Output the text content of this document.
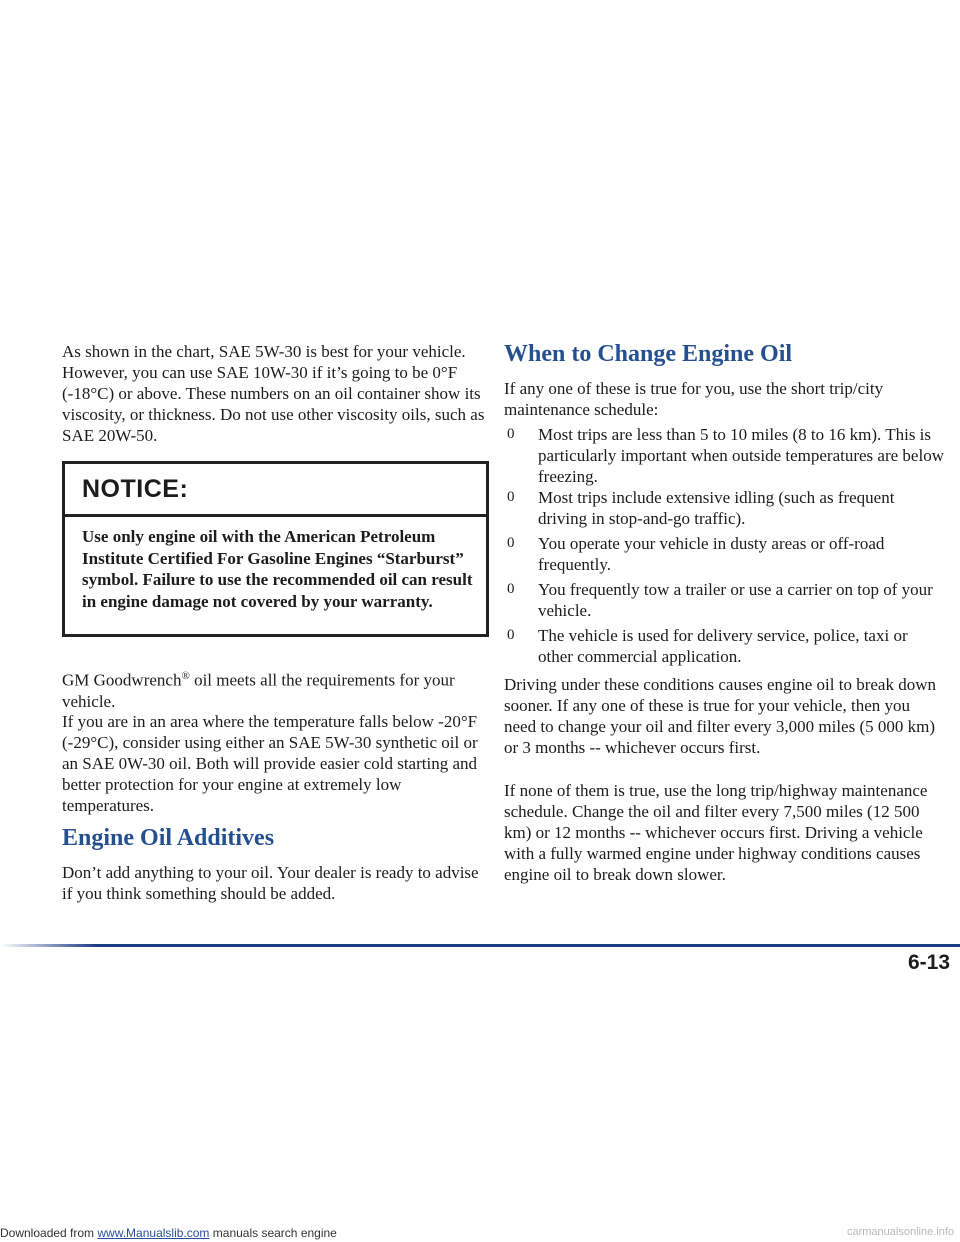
As shown in the chart, SAE 5W-30 is best for your vehicle. However, you can use SAE 10W-30 if it’s going to be 0°F (-18°C) or above. These numbers on an oil container show its viscosity, or thickness. Do not use other viscosity oils, such as SAE 20W-50.

NOTICE:
Use only engine oil with the American Petroleum Institute Certified For Gasoline Engines “Starburst” symbol. Failure to use the recommended oil can result in engine damage not covered by your warranty.

GM Goodwrench® oil meets all the requirements for your vehicle.

If you are in an area where the temperature falls below -20°F (-29°C), consider using either an SAE 5W-30 synthetic oil or an SAE 0W-30 oil. Both will provide easier cold starting and better protection for your engine at extremely low temperatures.

Engine Oil Additives

Don’t add anything to your oil. Your dealer is ready to advise if you think something should be added.

When to Change Engine Oil

If any one of these is true for you, use the short trip/city maintenance schedule:

0 Most trips are less than 5 to 10 miles (8 to 16 km). This is particularly important when outside temperatures are below freezing.

0 Most trips include extensive idling (such as frequent driving in stop-and-go traffic).

0 You operate your vehicle in dusty areas or off-road frequently.

0 You frequently tow a trailer or use a carrier on top of your vehicle.

0 The vehicle is used for delivery service, police, taxi or other commercial application.

Driving under these conditions causes engine oil to break down sooner. If any one of these is true for your vehicle, then you need to change your oil and filter every 3,000 miles (5 000 km) or 3 months -- whichever occurs first.

If none of them is true, use the long trip/highway maintenance schedule. Change the oil and filter every 7,500 miles (12 500 km) or 12 months -- whichever occurs first. Driving a vehicle with a fully warmed engine under highway conditions causes engine oil to break down slower.

6-13
Downloaded from www.Manualslib.com manuals search engine	carmanualsonline.info
